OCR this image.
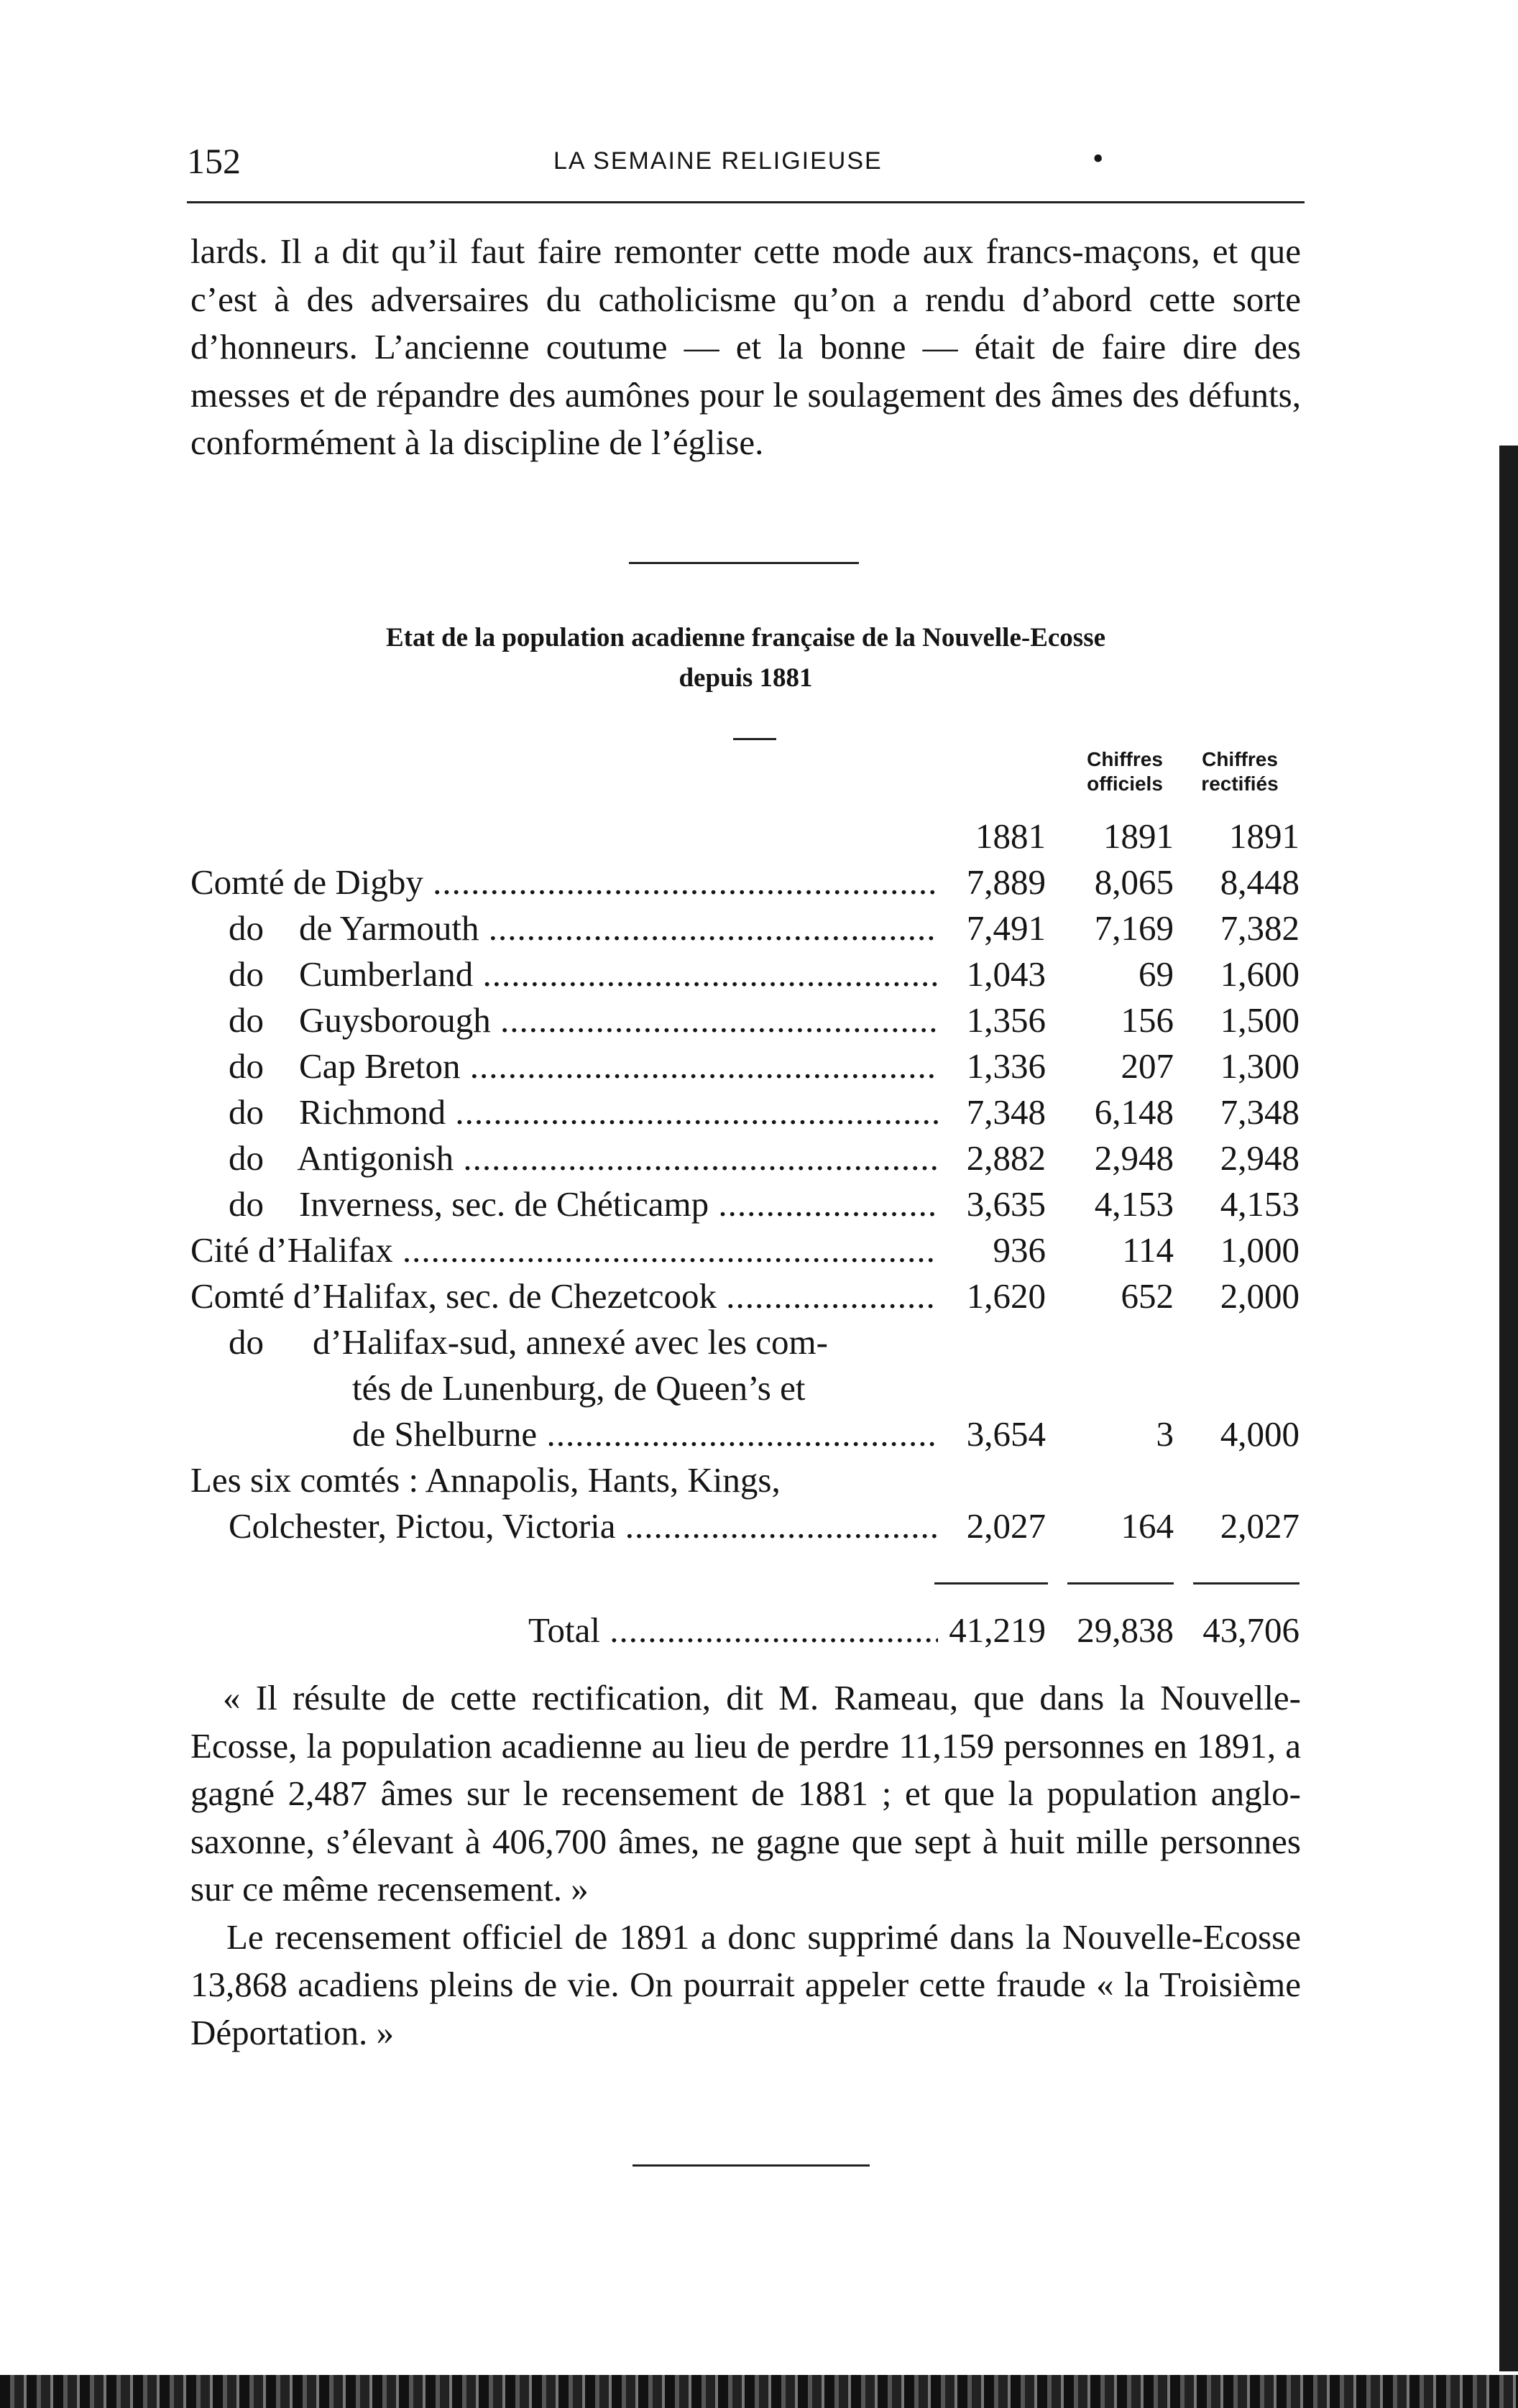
152	LA SEMAINE RELIGIEUSE	•

lards. Il a dit qu’il faut faire remonter cette mode aux francs-maçons, et que c’est à des adversaires du catholicisme qu’on a rendu d’abord cette sorte d’honneurs. L’ancienne coutume — et la bonne — était de faire dire des messes et de répandre des aumônes pour le soulagement des âmes des défunts, conformément à la discipline de l’église.

Etat de la population acadienne française de la Nouvelle-Ecosse
depuis 1881
Chiffres
officiels
Chiffres
rectifiés
1881	1891	1891
Comté de Digby .....	7,889	8,065	8,448
do    de Yarmouth .....	7,491	7,169	7,382
do    Cumberland .....	1,043	69	1,600
do    Guysborough .....	1,356	156	1,500
do    Cap Breton .....	1,336	207	1,300
do    Richmond .....	7,348	6,148	7,348
do    Antigonish .....	2,882	2,948	2,948
do    Inverness, sec. de Chéticamp .....	3,635	4,153	4,153
Cité d’Halifax .....	936	114	1,000
Comté d’Halifax, sec. de Chezetcook .....	1,620	652	2,000
do	d’Halifax-sud, annexé avec les com-
tés de Lunenburg, de Queen’s et
de Shelburne .....	3,654	3	4,000
Les six comtés : Annapolis, Hants, Kings,
Colchester, Pictou, Victoria .....	2,027	164	2,027
Total .....	41,219 29,838 43,706

« Il résulte de cette rectification, dit M. Rameau, que dans la Nouvelle-Ecosse, la population acadienne au lieu de perdre 11,159 personnes en 1891, a gagné 2,487 âmes sur le recensement de 1881 ; et que la population anglo-saxonne, s’élevant à 406,700 âmes, ne gagne que sept à huit mille personnes sur ce même recensement. »

Le recensement officiel de 1891 a donc supprimé dans la Nouvelle-Ecosse 13,868 acadiens pleins de vie. On pourrait appeler cette fraude « la Troisième Déportation. »
